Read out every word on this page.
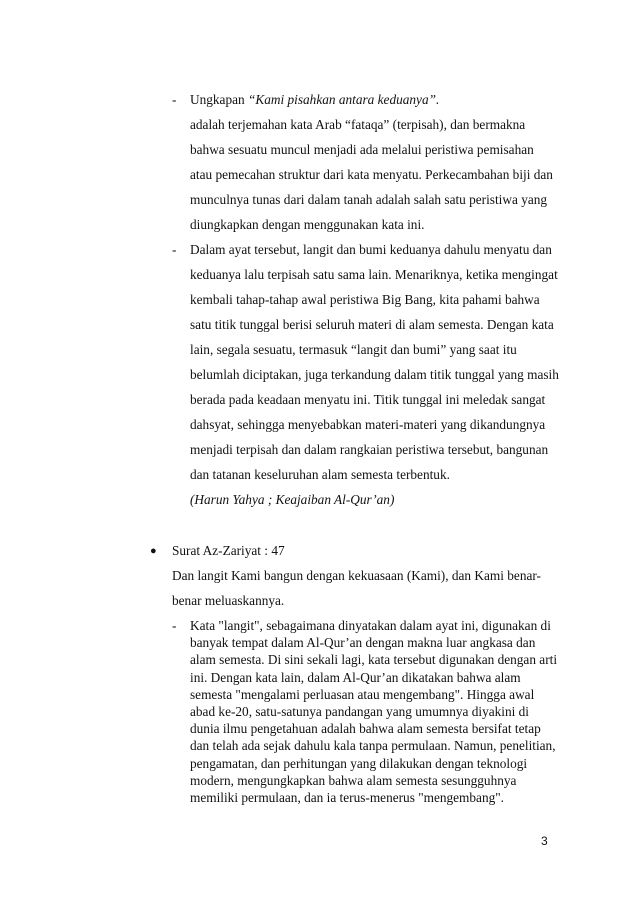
- Ungkapan “Kami pisahkan antara keduanya”.
adalah terjemahan kata Arab “fataqa” (terpisah), dan bermakna
bahwa sesuatu muncul menjadi ada melalui peristiwa pemisahan
atau pemecahan struktur dari kata menyatu. Perkecambahan biji dan
munculnya tunas dari dalam tanah adalah salah satu peristiwa yang
diungkapkan dengan menggunakan kata ini.
- Dalam ayat tersebut, langit dan bumi keduanya dahulu menyatu dan
keduanya lalu terpisah satu sama lain. Menariknya, ketika mengingat
kembali tahap-tahap awal peristiwa Big Bang, kita pahami bahwa
satu titik tunggal berisi seluruh materi di alam semesta. Dengan kata
lain, segala sesuatu, termasuk “langit dan bumi” yang saat itu
belumlah diciptakan, juga terkandung dalam titik tunggal yang masih
berada pada keadaan menyatu ini. Titik tunggal ini meledak sangat
dahsyat, sehingga menyebabkan materi-materi yang dikandungnya
menjadi terpisah dan dalam rangkaian peristiwa tersebut, bangunan
dan tatanan keseluruhan alam semesta terbentuk.
(Harun Yahya ; Keajaiban Al-Qur’an)
● Surat Az-Zariyat : 47
Dan langit Kami bangun dengan kekuasaan (Kami), dan Kami benar-
benar meluaskannya.
- Kata "langit", sebagaimana dinyatakan dalam ayat ini, digunakan di
banyak tempat dalam Al-Qur’an dengan makna luar angkasa dan
alam semesta. Di sini sekali lagi, kata tersebut digunakan dengan arti
ini. Dengan kata lain, dalam Al-Qur’an dikatakan bahwa alam
semesta "mengalami perluasan atau mengembang". Hingga awal
abad ke-20, satu-satunya pandangan yang umumnya diyakini di
dunia ilmu pengetahuan adalah bahwa alam semesta bersifat tetap
dan telah ada sejak dahulu kala tanpa permulaan. Namun, penelitian,
pengamatan, dan perhitungan yang dilakukan dengan teknologi
modern, mengungkapkan bahwa alam semesta sesungguhnya
memiliki permulaan, dan ia terus-menerus "mengembang".
3
